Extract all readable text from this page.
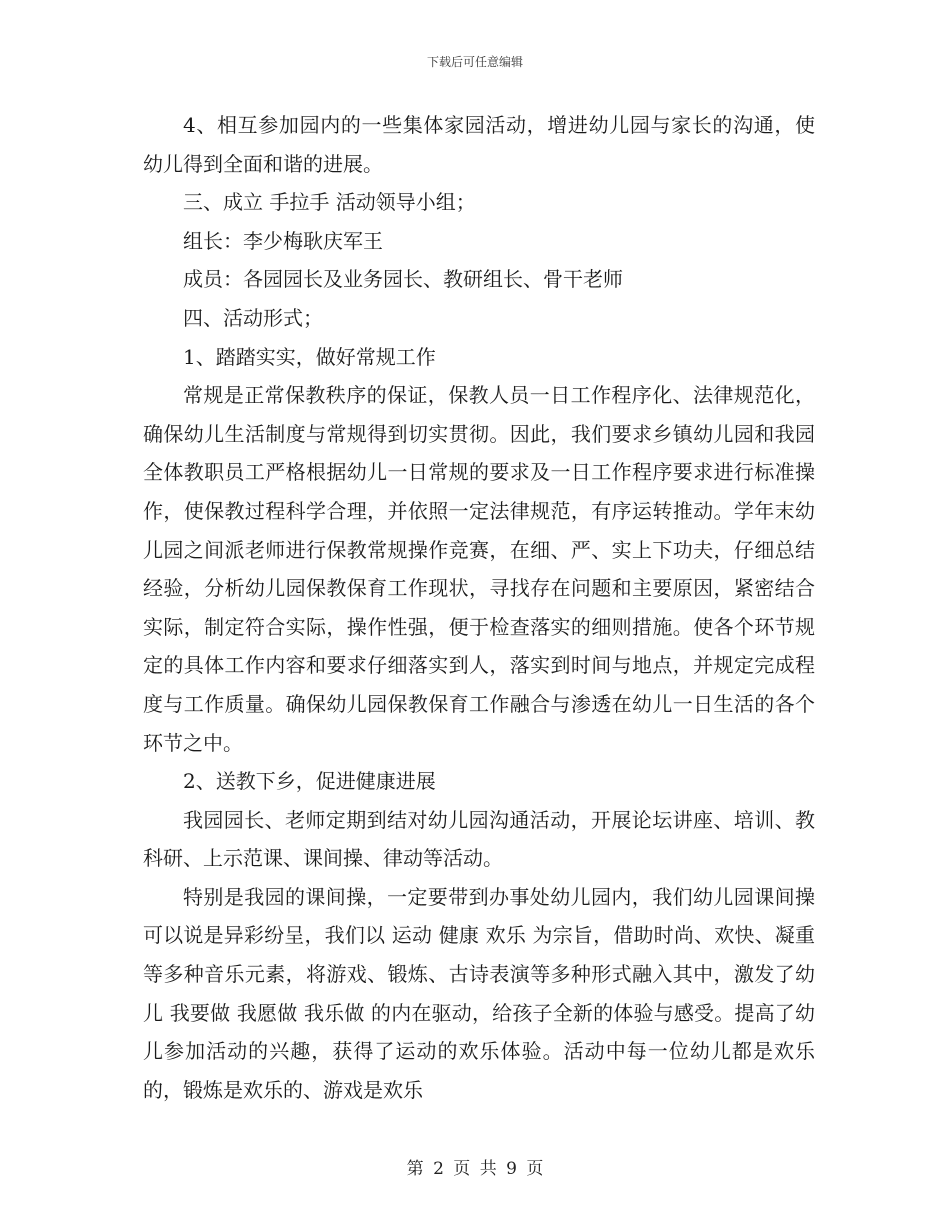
下载后可任意编辑

4、相互参加园内的一些集体家园活动，增进幼儿园与家长的沟通，使幼儿得到全面和谐的进展。

三、成立 手拉手 活动领导小组；

组长：李少梅耿庆军王

成员：各园园长及业务园长、教研组长、骨干老师

四、活动形式；

1、踏踏实实，做好常规工作

常规是正常保教秩序的保证，保教人员一日工作程序化、法律规范化，确保幼儿生活制度与常规得到切实贯彻。因此，我们要求乡镇幼儿园和我园全体教职员工严格根据幼儿一日常规的要求及一日工作程序要求进行标准操作，使保教过程科学合理，并依照一定法律规范，有序运转推动。学年末幼儿园之间派老师进行保教常规操作竞赛，在细、严、实上下功夫，仔细总结经验，分析幼儿园保教保育工作现状，寻找存在问题和主要原因，紧密结合实际，制定符合实际，操作性强，便于检查落实的细则措施。使各个环节规定的具体工作内容和要求仔细落实到人，落实到时间与地点，并规定完成程度与工作质量。确保幼儿园保教保育工作融合与渗透在幼儿一日生活的各个环节之中。

2、送教下乡，促进健康进展

我园园长、老师定期到结对幼儿园沟通活动，开展论坛讲座、培训、教科研、上示范课、课间操、律动等活动。

特别是我园的课间操，一定要带到办事处幼儿园内，我们幼儿园课间操可以说是异彩纷呈，我们以 运动 健康 欢乐 为宗旨，借助时尚、欢快、凝重等多种音乐元素，将游戏、锻炼、古诗表演等多种形式融入其中，激发了幼儿 我要做 我愿做 我乐做 的内在驱动，给孩子全新的体验与感受。提高了幼儿参加活动的兴趣，获得了运动的欢乐体验。活动中每一位幼儿都是欢乐的，锻炼是欢乐的、游戏是欢乐

第 2 页 共 9 页
